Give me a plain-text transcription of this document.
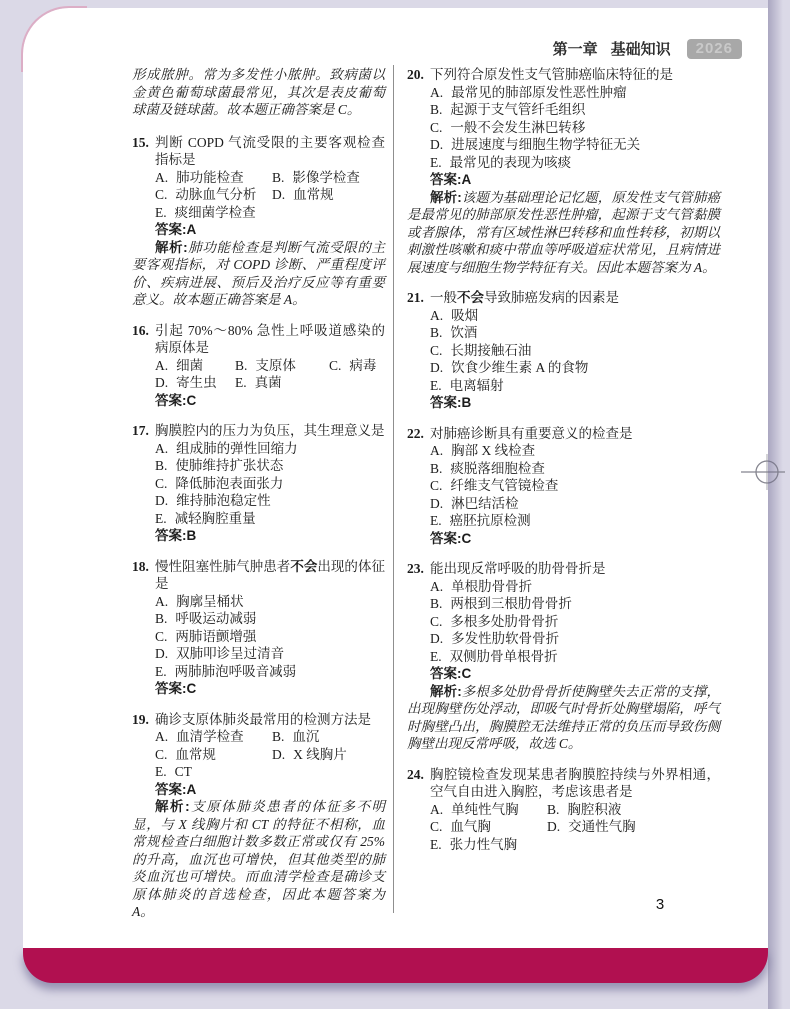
第一章 基础知识	2026

形成脓肿。常为多发性小脓肿。致病菌以金黄色葡萄球菌最常见，其次是表皮葡萄球菌及链球菌。故本题正确答案是 C。

15. 判断 COPD 气流受限的主要客观检查指标是
A. 肺功能检查 B. 影像学检查
C. 动脉血气分析 D. 血常规
E. 痰细菌学检查
答案: A

解析:肺功能检查是判断气流受限的主要客观指标，对 COPD 诊断、严重程度评价、疾病进展、预后及治疗反应等有重要意义。故本题正确答案是 A。

16. 引起 70%～80% 急性上呼吸道感染的病原体是
A. 细菌 B. 支原体 C. 病毒
D. 寄生虫 E. 真菌
答案: C
17. 胸膜腔内的压力为负压，其生理意义是
A. 组成肺的弹性回缩力
B. 使肺维持扩张状态
C. 降低肺泡表面张力
D. 维持肺泡稳定性
E. 减轻胸腔重量
答案: B
18. 慢性阻塞性肺气肿患者不会出现的体征是
A. 胸廓呈桶状
B. 呼吸运动减弱
C. 两肺语颤增强
D. 双肺叩诊呈过清音
E. 两肺肺泡呼吸音减弱
答案: C
19. 确诊支原体肺炎最常用的检测方法是
A. 血清学检查 B. 血沉
C. 血常规	D. X 线胸片
E. CT
答案: A

解析:支原体肺炎患者的体征多不明显，与 X 线胸片和 CT 的特征不相称，血常规检查白细胞计数多数正常或仅有 25% 的升高，血沉也可增快，但其他类型的肺炎血沉也可增快。而血清学检查是确诊支原体肺炎的首选检查，因此本题答案为 A。

20. 下列符合原发性支气管肺癌临床特征的是
A. 最常见的肺部原发性恶性肿瘤
B. 起源于支气管纤毛组织
C. 一般不会发生淋巴转移
D. 进展速度与细胞生物学特征无关
E. 最常见的表现为咳痰
答案: A

解析:该题为基础理论记忆题，原发性支气管肺癌是最常见的肺部原发性恶性肿瘤，起源于支气管黏膜或者腺体，常有区域性淋巴转移和血性转移，初期以刺激性咳嗽和痰中带血等呼吸道症状常见，且病情进展速度与细胞生物学特征有关。因此本题答案为 A。

21. 一般不会导致肺癌发病的因素是
A. 吸烟
B. 饮酒
C. 长期接触石油
D. 饮食少维生素 A 的食物
E. 电离辐射
答案: B
22. 对肺癌诊断具有重要意义的检查是
A. 胸部 X 线检查
B. 痰脱落细胞检查
C. 纤维支气管镜检查
D. 淋巴结活检
E. 癌胚抗原检测
答案: C
23. 能出现反常呼吸的肋骨骨折是
A. 单根肋骨骨折
B. 两根到三根肋骨骨折
C. 多根多处肋骨骨折
D. 多发性肋软骨骨折
E. 双侧肋骨单根骨折
答案: C

解析:多根多处肋骨骨折使胸壁失去正常的支撑，出现胸壁伤处浮动，即吸气时骨折处胸壁塌陷，呼气时胸壁凸出，胸膜腔无法维持正常的负压而导致伤侧胸壁出现反常呼吸，故选 C。

24. 胸腔镜检查发现某患者胸膜腔持续与外界相通，空气自由进入胸腔，考虑该患者是
A. 单纯性气胸 B. 胸腔积液
C. 血气胸	D. 交通性气胸
E. 张力性气胸
3
